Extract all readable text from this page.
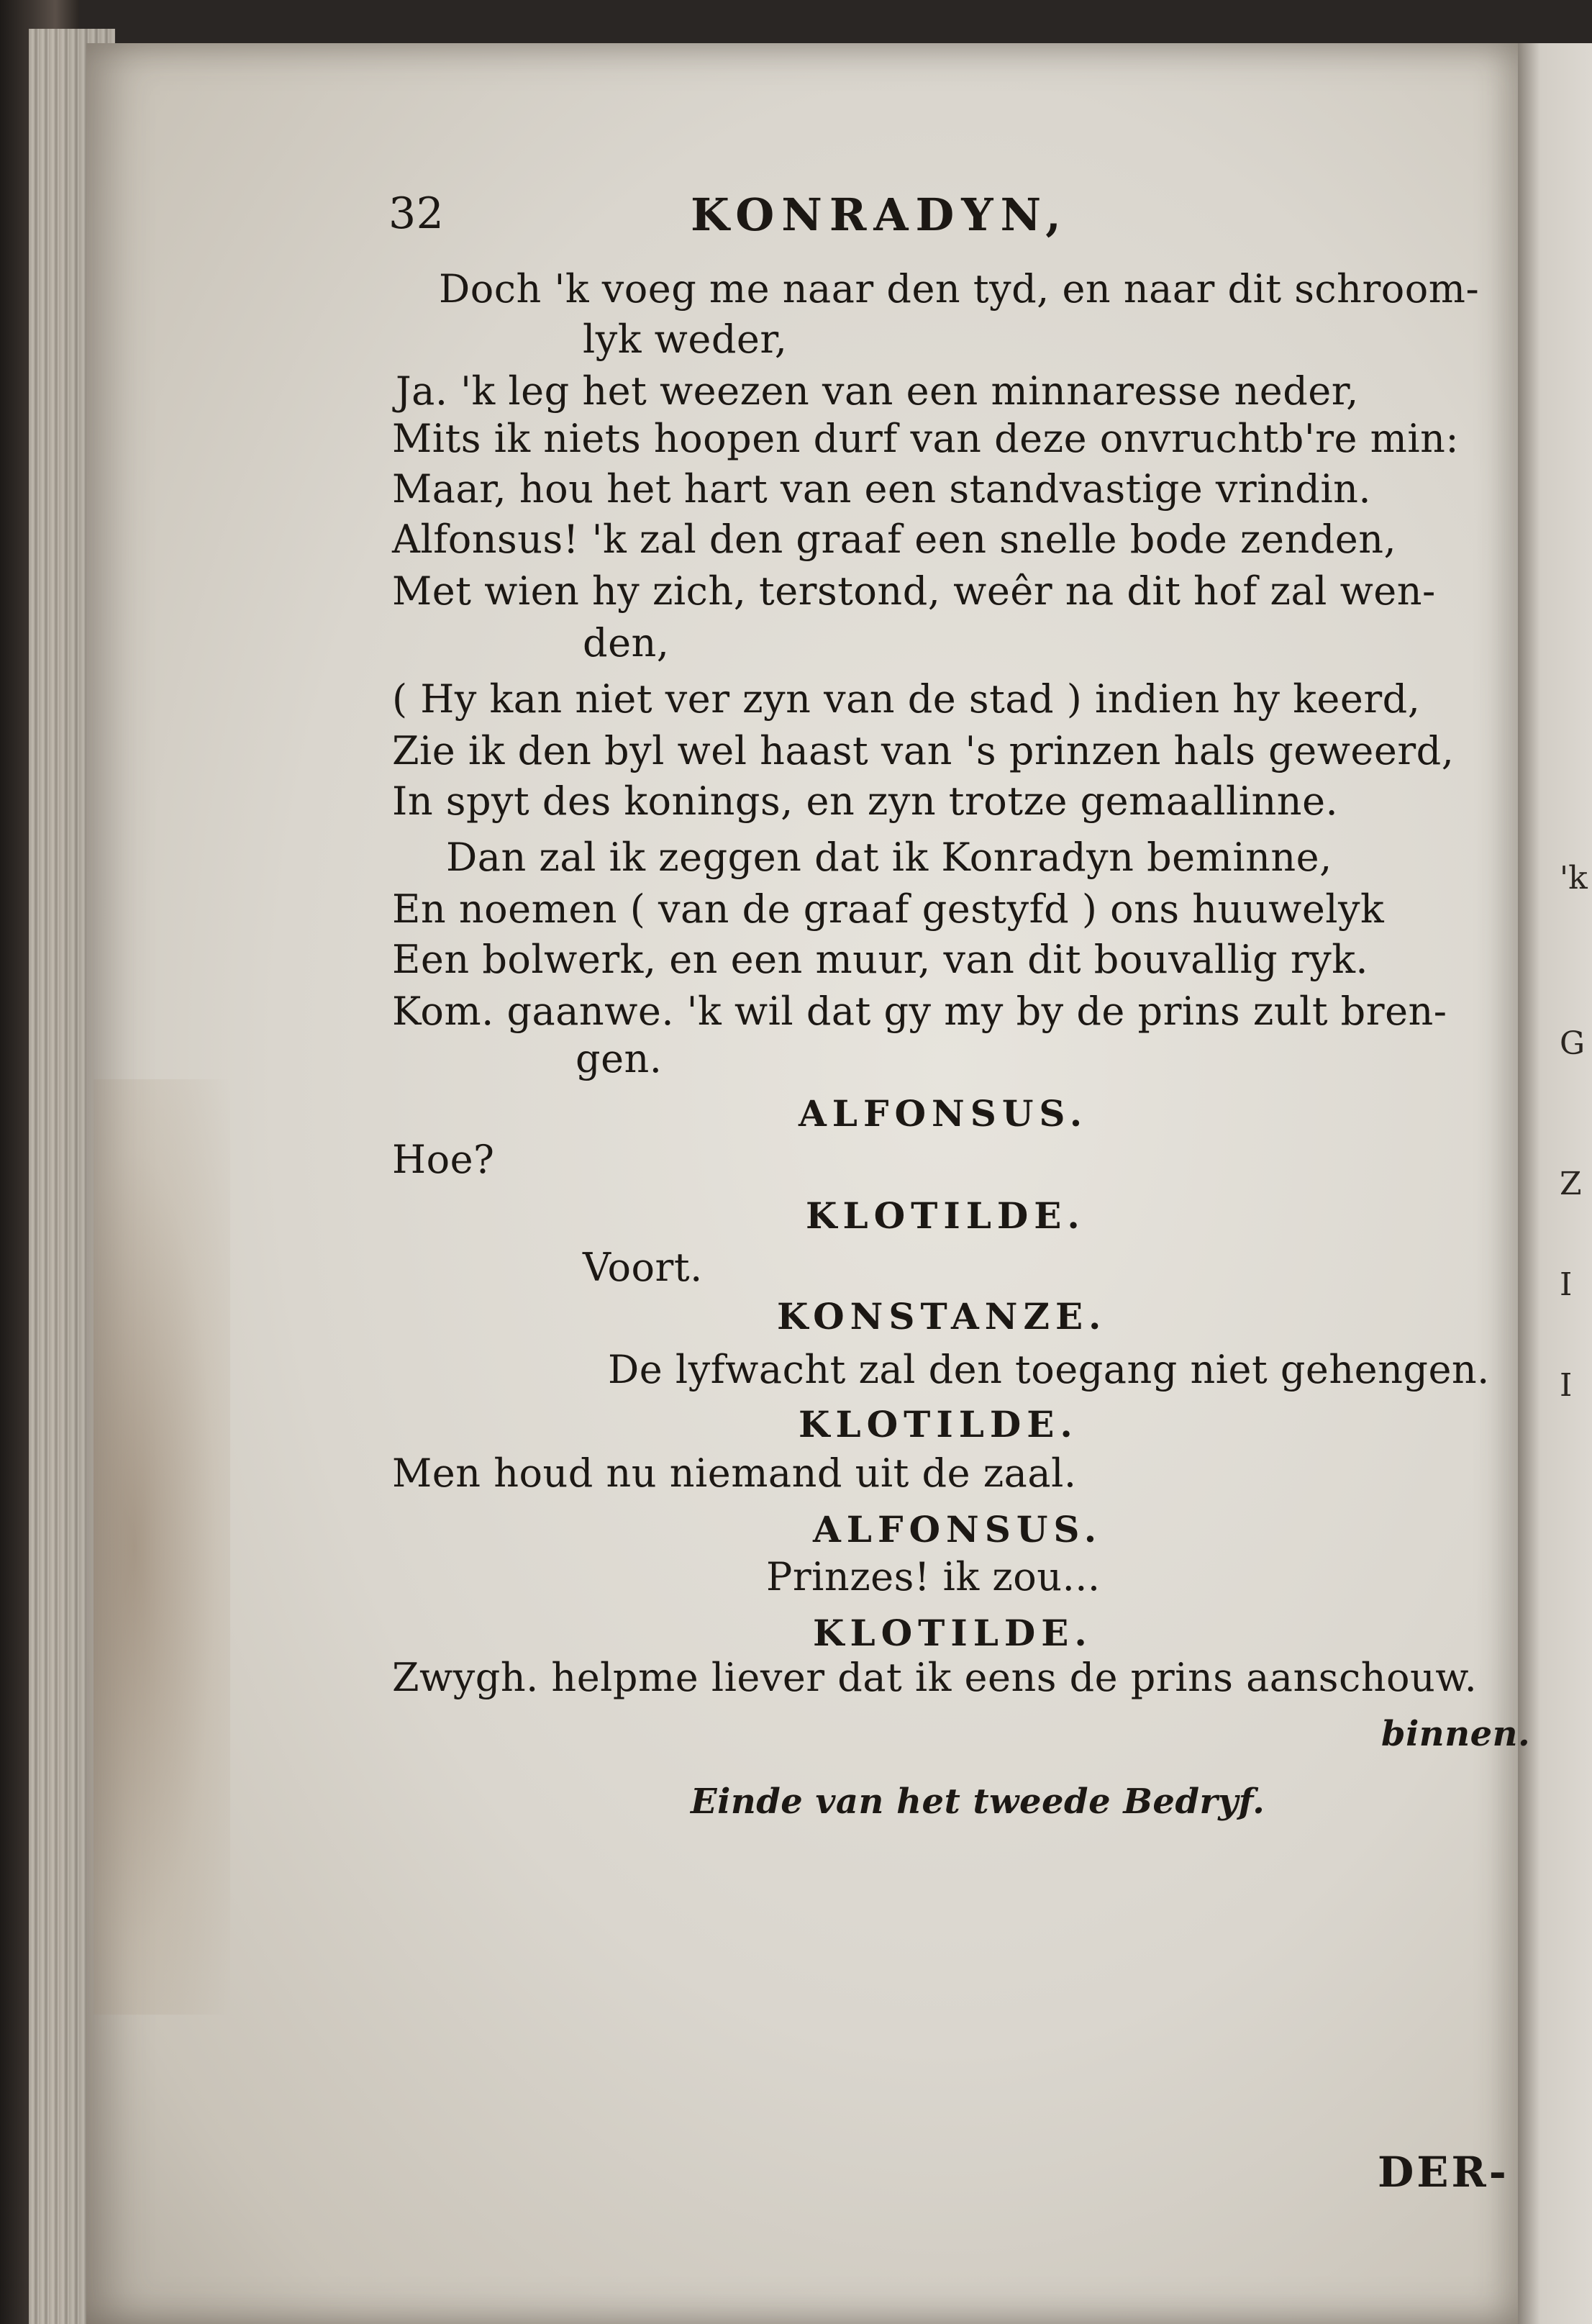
'k
G
Z
I
I
32	KONRADYN,
Doch 'k voeg me naar den tyd, en naar dit schroom-
lyk weder,
Ja. 'k leg het weezen van een minnaresse neder,
Mits ik niets hoopen durf van deze onvruchtb're min:
Maar, hou het hart van een standvastige vrindin.
Alfonsus! 'k zal den graaf een snelle bode zenden,
Met wien hy zich, terstond, weêr na dit hof zal wen-
den,
( Hy kan niet ver zyn van de stad ) indien hy keerd,
Zie ik den byl wel haast van 's prinzen hals geweerd,
In spyt des konings, en zyn trotze gemaallinne.
Dan zal ik zeggen dat ik Konradyn beminne,
En noemen ( van de graaf gestyfd ) ons huuwelyk
Een bolwerk, en een muur, van dit bouvallig ryk.
Kom. gaanwe. 'k wil dat gy my by de prins zult bren-
gen.
ALFONSUS.
Hoe?
KLOTILDE.
Voort.
KONSTANZE.
De lyfwacht zal den toegang niet gehengen.
KLOTILDE.
Men houd nu niemand uit de zaal.
ALFONSUS.
Prinzes! ik zou...
KLOTILDE.
Zwygh. helpme liever dat ik eens de prins aanschouw.
binnen.
Einde van het tweede Bedryf.
DER-
